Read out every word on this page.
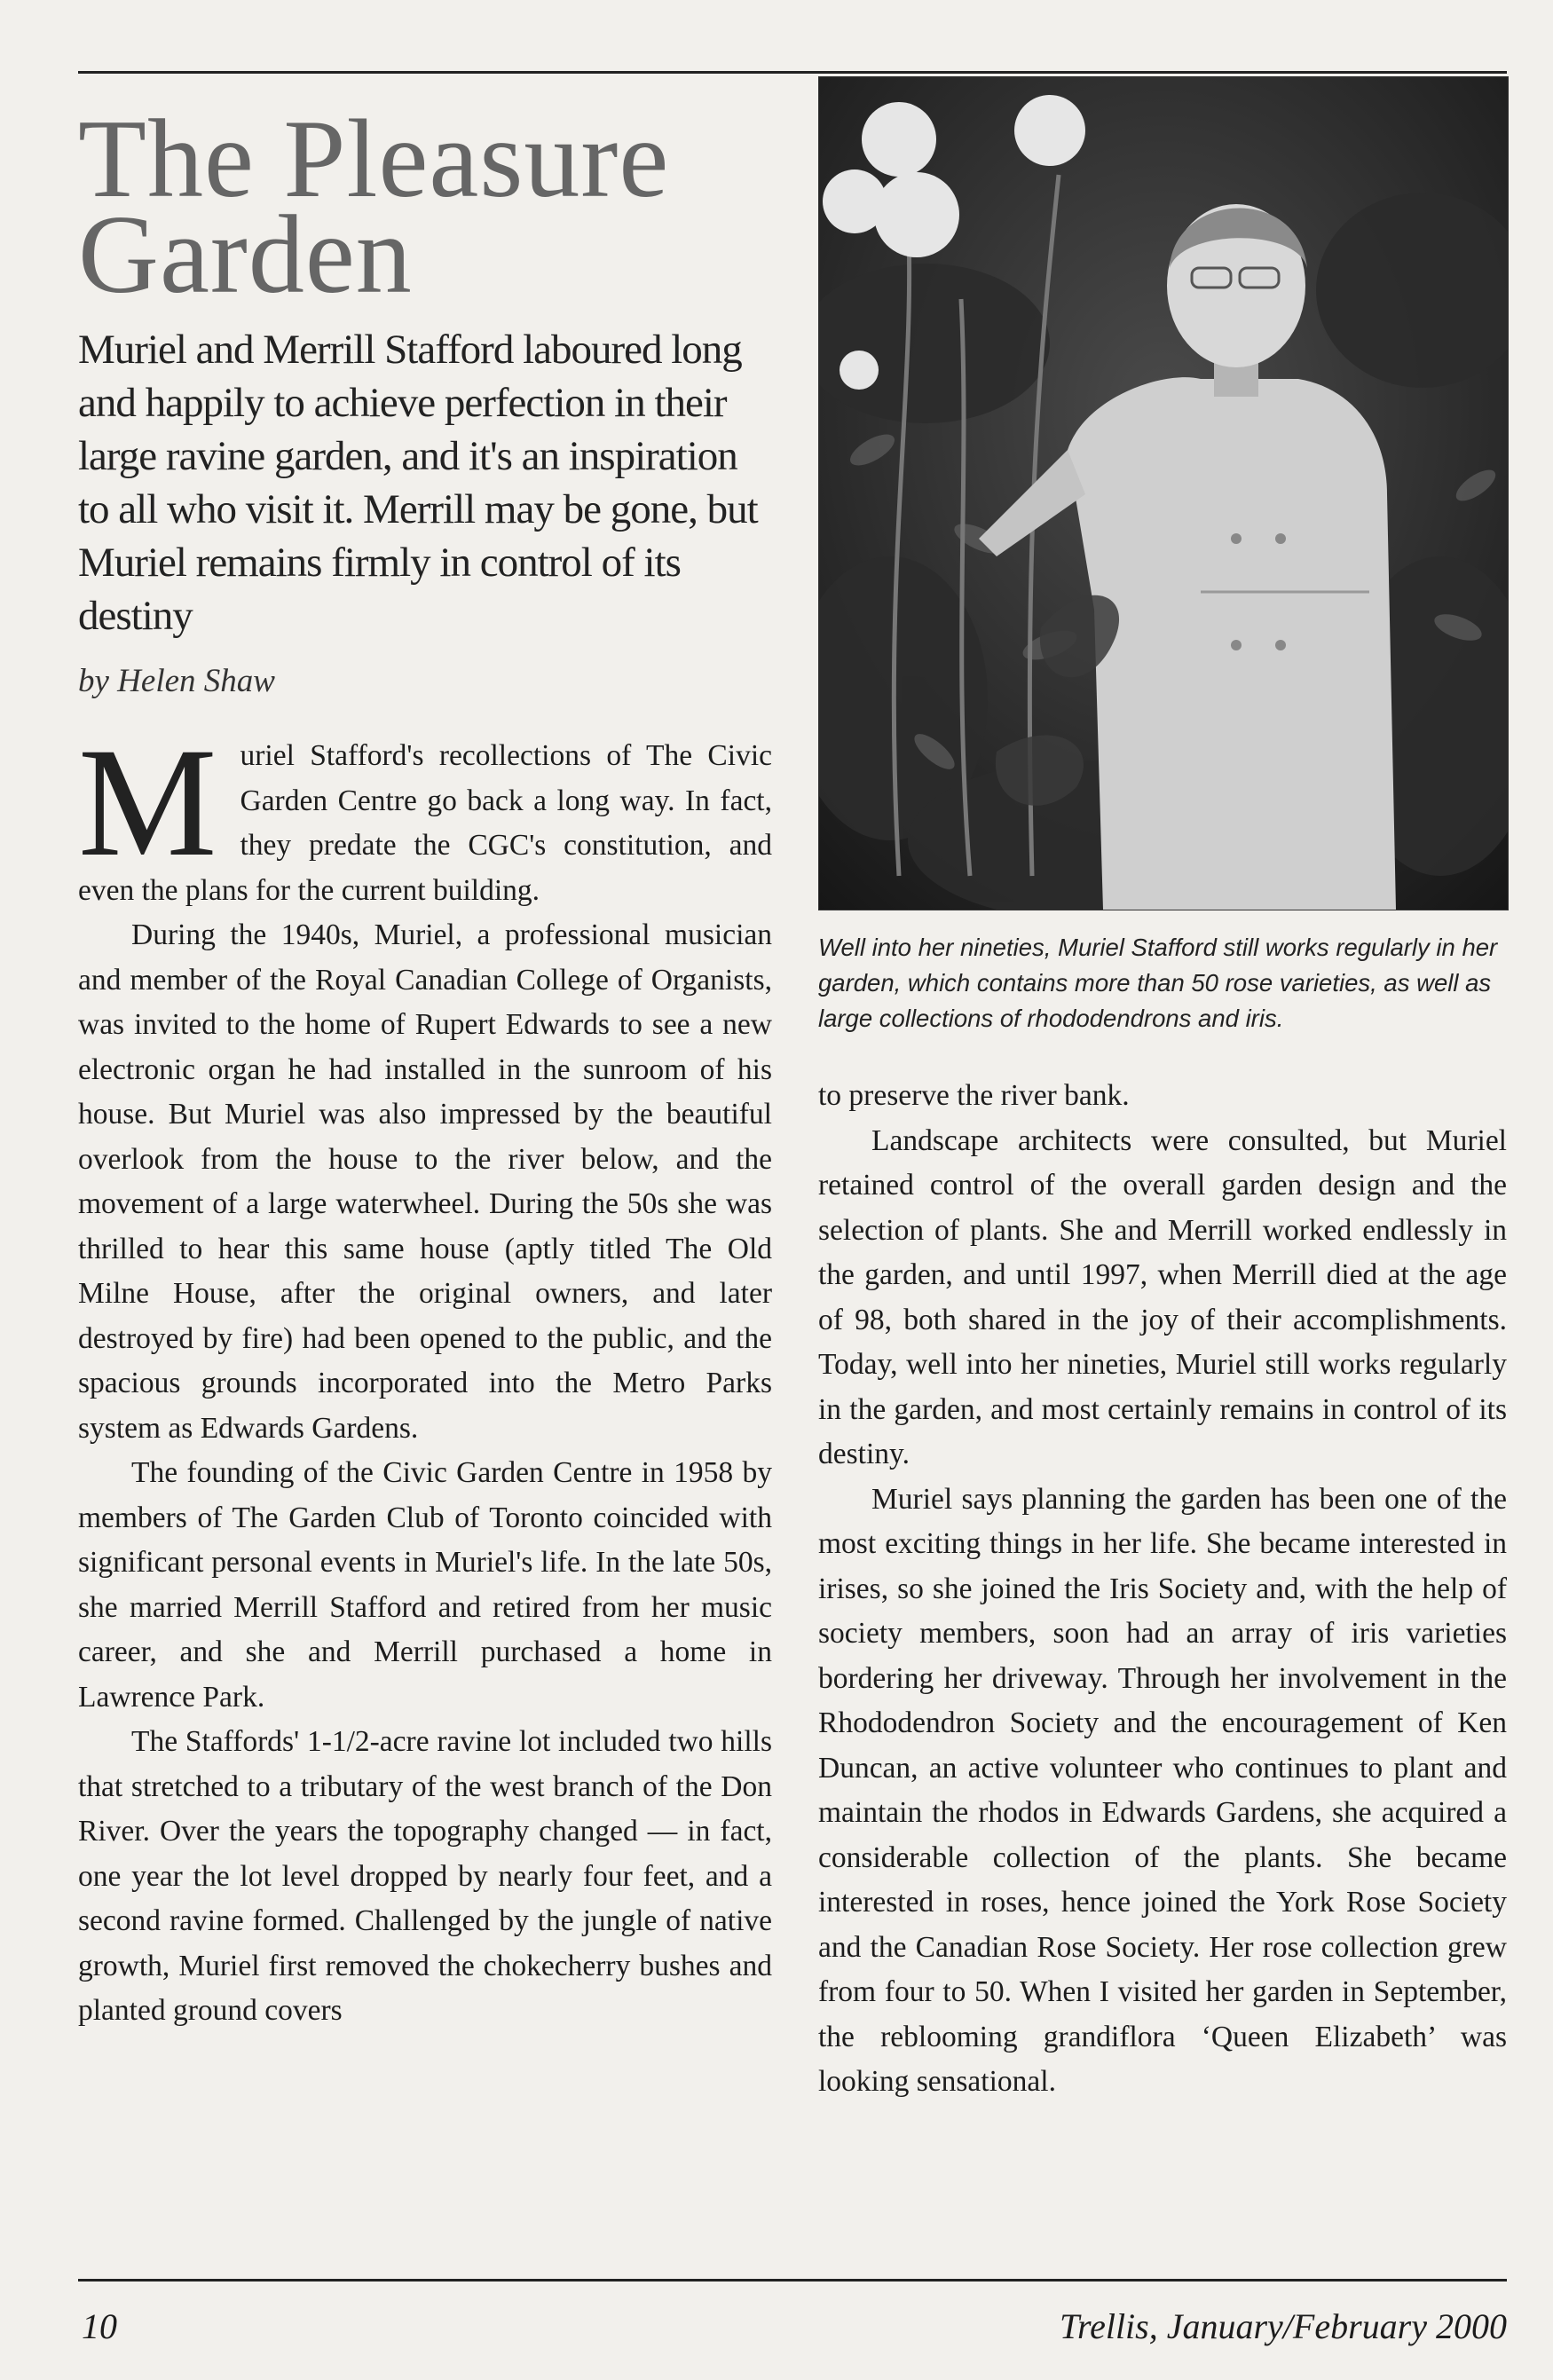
The Pleasure Garden
Muriel and Merrill Stafford laboured long and happily to achieve perfection in their large ravine garden, and it's an inspiration to all who visit it. Merrill may be gone, but Muriel remains firmly in control of its destiny
by Helen Shaw

Muriel Stafford's recollections of The Civic Garden Centre go back a long way. In fact, they predate the CGC's constitution, and even the plans for the current building.

During the 1940s, Muriel, a professional musician and member of the Royal Canadian College of Organists, was invited to the home of Rupert Edwards to see a new electronic organ he had installed in the sunroom of his house. But Muriel was also impressed by the beautiful overlook from the house to the river below, and the movement of a large waterwheel. During the 50s she was thrilled to hear this same house (aptly titled The Old Milne House, after the original owners, and later destroyed by fire) had been opened to the public, and the spacious grounds incorporated into the Metro Parks system as Edwards Gardens.

The founding of the Civic Garden Centre in 1958 by members of The Garden Club of Toronto coincided with significant personal events in Muriel's life. In the late 50s, she married Merrill Stafford and retired from her music career, and she and Merrill purchased a home in Lawrence Park.

The Staffords' 1-1/2-acre ravine lot included two hills that stretched to a tributary of the west branch of the Don River. Over the years the topography changed — in fact, one year the lot level dropped by nearly four feet, and a second ravine formed. Challenged by the jungle of native growth, Muriel first removed the chokecherry bushes and planted ground covers

Well into her nineties, Muriel Stafford still works regularly in her garden, which contains more than 50 rose varieties, as well as large collections of rhododendrons and iris.

to preserve the river bank.

Landscape architects were consulted, but Muriel retained control of the overall garden design and the selection of plants. She and Merrill worked endlessly in the garden, and until 1997, when Merrill died at the age of 98, both shared in the joy of their accomplishments. Today, well into her nineties, Muriel still works regularly in the garden, and most certainly remains in control of its destiny.

Muriel says planning the garden has been one of the most exciting things in her life. She became interested in irises, so she joined the Iris Society and, with the help of society members, soon had an array of iris varieties bordering her driveway. Through her involvement in the Rhododendron Society and the encouragement of Ken Duncan, an active volunteer who continues to plant and maintain the rhodos in Edwards Gardens, she acquired a considerable collection of the plants. She became interested in roses, hence joined the York Rose Society and the Canadian Rose Society. Her rose collection grew from four to 50. When I visited her garden in September, the reblooming grandiflora ‘Queen Elizabeth’ was looking sensational.

10	Trellis, January/February 2000
